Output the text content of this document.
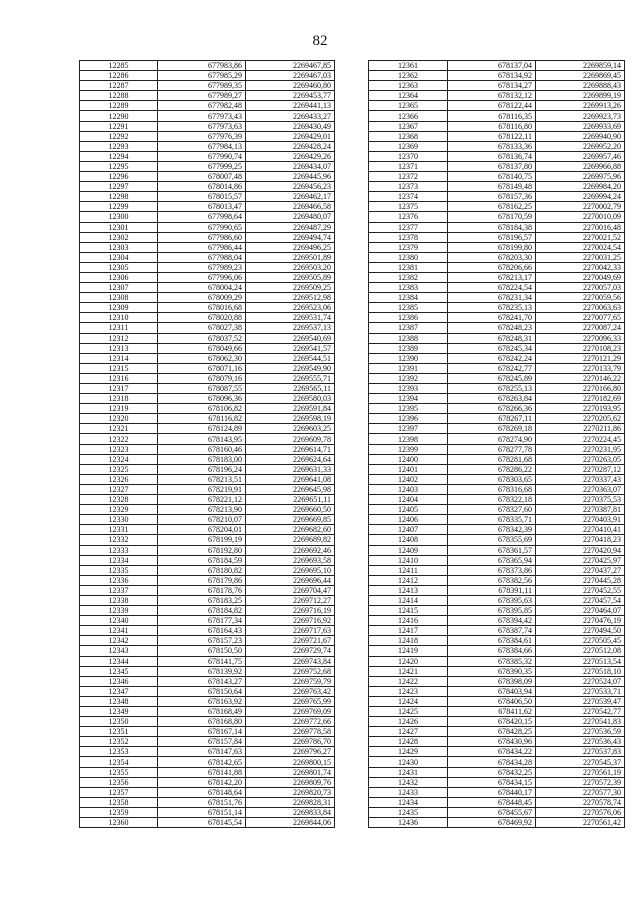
82
12285	677983,86	2269467,85
12286	677985,29	2269467,03
12287	677989,35	2269460,80
12288	677989,27	2269453,77
12289	677982,48	2269441,13
12290	677973,43	2269433,27
12291	677973,63	2269430,49
12292	677976,39	2269429,01
12293	677984,13	2269428,24
12294	677990,74	2269429,26
12295	677999,25	2269434,07
12296	678007,48	2269445,96
12297	678014,86	2269456,23
12298	678015,57	2269462,17
12299	678013,47	2269466,58
12300	677998,64	2269480,07
12301	677990,65	2269487,29
12302	677986,60	2269494,74
12303	677986,44	2269496,25
12304	677988,04	2269501,89
12305	677989,23	2269503,20
12306	677996,06	2269505,89
12307	678004,24	2269509,25
12308	678009,29	2269512,98
12309	678016,68	2269523,06
12310	678020,88	2269531,74
12311	678027,38	2269537,13
12312	678037,52	2269540,69
12313	678049,66	2269541,57
12314	678062,30	2269544,51
12315	678071,16	2269549,90
12316	678079,16	2269555,71
12317	678087,55	2269565,11
12318	678096,36	2269580,03
12319	678106,82	2269591,84
12320	678116,82	2269598,19
12321	678124,89	2269603,25
12322	678143,95	2269609,78
12323	678160,46	2269614,71
12324	678183,00	2269624,64
12325	678196,24	2269631,33
12326	678213,51	2269641,08
12327	678219,91	2269645,98
12328	678221,12	2269651,11
12329	678213,90	2269660,50
12330	678210,07	2269669,85
12331	678204,01	2269682,60
12332	678199,19	2269689,82
12333	678192,80	2269692,46
12334	678184,59	2269693,58
12335	678180,82	2269695,10
12336	678179,86	2269696,44
12337	678178,76	2269704,47
12338	678183,25	2269712,27
12339	678184,82	2269716,19
12340	678177,34	2269716,92
12341	678164,43	2269717,63
12342	678157,23	2269721,67
12343	678150,50	2269729,74
12344	678141,75	2269743,84
12345	678139,92	2269752,68
12346	678143,27	2269759,79
12347	678150,64	2269763,42
12348	678163,92	2269765,99
12349	678168,49	2269769,09
12350	678168,80	2269772,66
12351	678167,14	2269778,58
12352	678157,84	2269786,70
12353	678147,63	2269796,27
12354	678142,65	2269800,15
12355	678141,88	2269801,74
12356	678142,20	2269809,76
12357	678148,64	2269820,73
12358	678151,76	2269828,31
12359	678151,14	2269833,84
12360	678145,54	2269844,06
12361	678137,04	2269859,14
12362	678134,92	2269869,45
12363	678134,27	2269888,43
12364	678132,12	2269899,19
12365	678122,44	2269913,26
12366	678116,35	2269923,73
12367	678116,80	2269933,69
12368	678122,11	2269940,90
12369	678133,36	2269952,20
12370	678136,74	2269957,46
12371	678137,80	2269966,88
12372	678140,75	2269975,96
12373	678149,48	2269984,20
12374	678157,36	2269994,24
12375	678162,25	2270002,79
12376	678170,59	2270010,09
12377	678184,38	2270016,48
12378	678196,57	2270021,52
12379	678199,80	2270024,54
12380	678203,30	2270031,25
12381	678206,66	2270042,33
12382	678213,17	2270049,69
12383	678224,54	2270057,03
12384	678231,34	2270059,56
12385	678235,13	2270063,63
12386	678241,70	2270077,65
12387	678248,23	2270087,24
12388	678248,31	2270096,33
12389	678245,34	2270108,23
12390	678242,24	2270121,29
12391	678242,77	2270133,79
12392	678245,89	2270146,22
12393	678255,13	2270166,80
12394	678263,84	2270182,69
12395	678266,36	2270193,95
12396	678267,11	2270205,62
12397	678269,18	2270211,86
12398	678274,90	2270224,45
12399	678277,78	2270231,95
12400	678281,68	2270263,05
12401	678286,22	2270287,12
12402	678303,65	2270337,43
12403	678316,68	2270363,07
12404	678322,18	2270375,53
12405	678327,60	2270387,81
12406	678335,71	2270403,91
12407	678342,39	2270410,41
12408	678355,69	2270418,23
12409	678361,57	2270420,94
12410	678365,94	2270425,97
12411	678373,86	2270437,27
12412	678382,56	2270445,28
12413	678391,11	2270452,55
12414	678395,63	2270457,54
12415	678395,85	2270464,07
12416	678394,42	2270476,19
12417	678387,74	2270494,50
12418	678384,61	2270505,45
12419	678384,66	2270512,08
12420	678385,32	2270513,54
12421	678390,35	2270518,10
12422	678398,09	2270524,07
12423	678403,94	2270533,71
12424	678406,50	2270539,47
12425	678411,62	2270542,77
12426	678420,15	2270541,83
12427	678428,25	2270536,59
12428	678430,96	2270536,43
12429	678434,22	2270537,83
12430	678434,28	2270545,37
12431	678432,25	2270561,19
12432	678434,15	2270572,39
12433	678440,17	2270577,30
12434	678448,45	2270578,74
12435	678455,67	2270576,06
12436	678469,92	2270561,42
